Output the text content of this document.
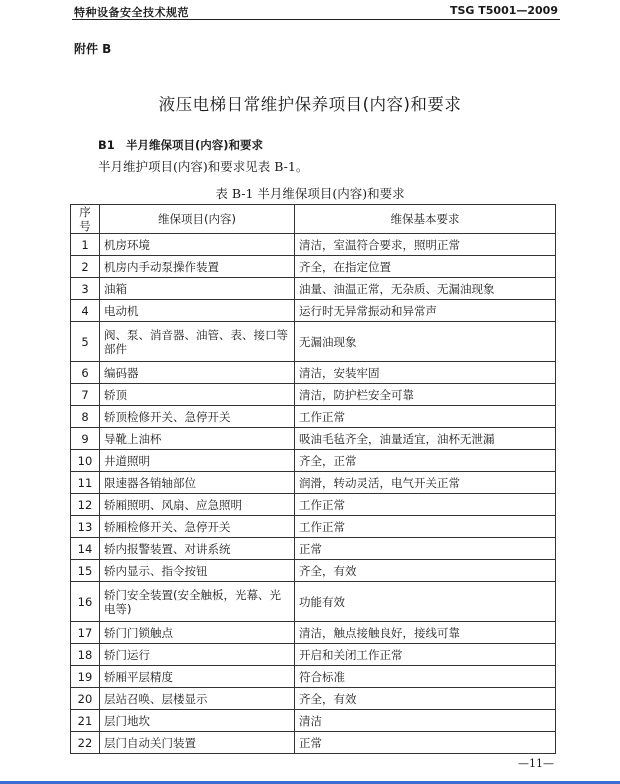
特种设备安全技术规范	TSG T5001—2009
附件 B
液压电梯日常维护保养项目(内容)和要求
B1 半月维保项目(内容)和要求
半月维护项目(内容)和要求见表 B-1。
表 B-1 半月维保项目(内容)和要求
序号	维保项目(内容)	维保基本要求
1	机房环境	清洁，室温符合要求，照明正常
2	机房内手动泵操作装置	齐全，在指定位置
3	油箱	油量、油温正常，无杂质、无漏油现象
4	电动机	运行时无异常振动和异常声
5	阀、泵、消音器、油管、表、接口等部件	无漏油现象
6	编码器	清洁，安装牢固
7	轿顶	清洁，防护栏安全可靠
8	轿顶检修开关、急停开关	工作正常
9	导靴上油杯	吸油毛毡齐全，油量适宜，油杯无泄漏
10	井道照明	齐全，正常
11	限速器各销轴部位	润滑，转动灵活，电气开关正常
12	轿厢照明、风扇、应急照明	工作正常
13	轿厢检修开关、急停开关	工作正常
14	轿内报警装置、对讲系统	正常
15	轿内显示、指令按钮	齐全，有效
16	轿门安全装置(安全触板，光幕、光电等)	功能有效
17	轿门门锁触点	清洁，触点接触良好，接线可靠
18	轿门运行	开启和关闭工作正常
19	轿厢平层精度	符合标准
20	层站召唤、层楼显示	齐全，有效
21	层门地坎	清洁
22	层门自动关门装置	正常
—11—
